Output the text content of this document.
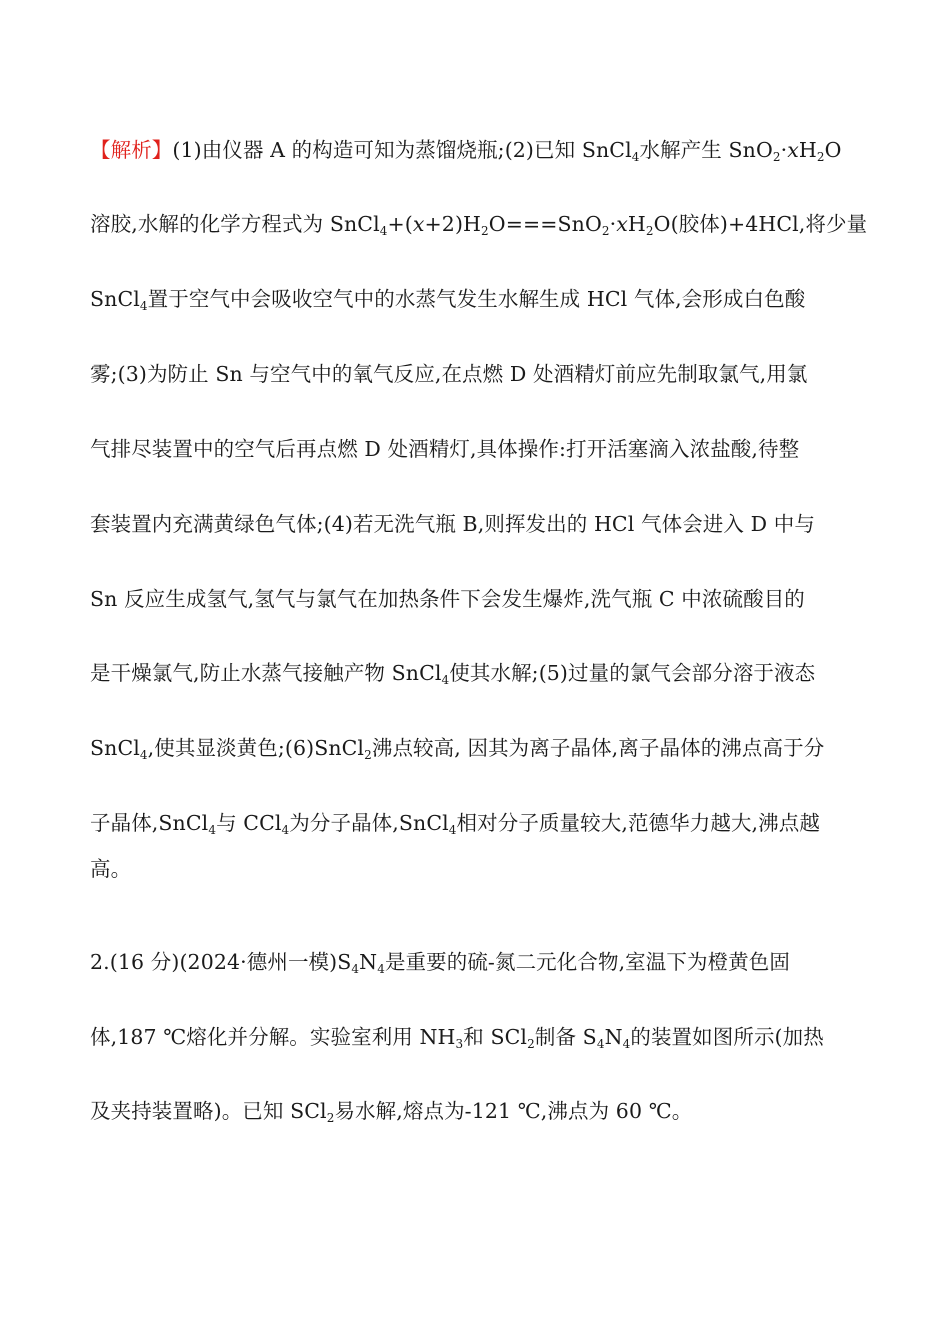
【解析】(1)由仪器 A 的构造可知为蒸馏烧瓶;(2)已知 SnCl$_4$水解产生 $SnO_2\cdot xH_2O$
溶胶,水解的化学方程式为 $SnCl_4+(x+2)H_2O===SnO_2\cdot xH_2O$(胶体)+4HCl,将少量
SnCl$_4$置于空气中会吸收空气中的水蒸气发生水解生成 HCl 气体,会形成白色酸
雾;(3)为防止 Sn 与空气中的氧气反应,在点燃 D 处酒精灯前应先制取氯气,用氯
气排尽装置中的空气后再点燃 D 处酒精灯,具体操作:打开活塞滴入浓盐酸,待整
套装置内充满黄绿色气体;(4)若无洗气瓶 B,则挥发出的 HCl 气体会进入 D 中与
Sn 反应生成氢气,氢气与氯气在加热条件下会发生爆炸,洗气瓶 C 中浓硫酸目的
是干燥氯气,防止水蒸气接触产物 SnCl$_4$使其水解;(5)过量的氯气会部分溶于液态
SnCl$_4$,使其显淡黄色;(6)SnCl$_2$沸点较高, 因其为离子晶体,离子晶体的沸点高于分
子晶体,SnCl$_4$与 CCl$_4$为分子晶体,SnCl$_4$相对分子质量较大,范德华力越大,沸点越
高。
2.(16 分)(2024·德州一模)$S_4N_4$是重要的硫-氮二元化合物,室温下为橙黄色固
体,187 ℃熔化并分解。实验室利用 $NH_3$和 SCl$_2$制备 $S_4N_4$的装置如图所示(加热
及夹持装置略)。已知 SCl$_2$易水解,熔点为-121 ℃,沸点为 60 ℃。
